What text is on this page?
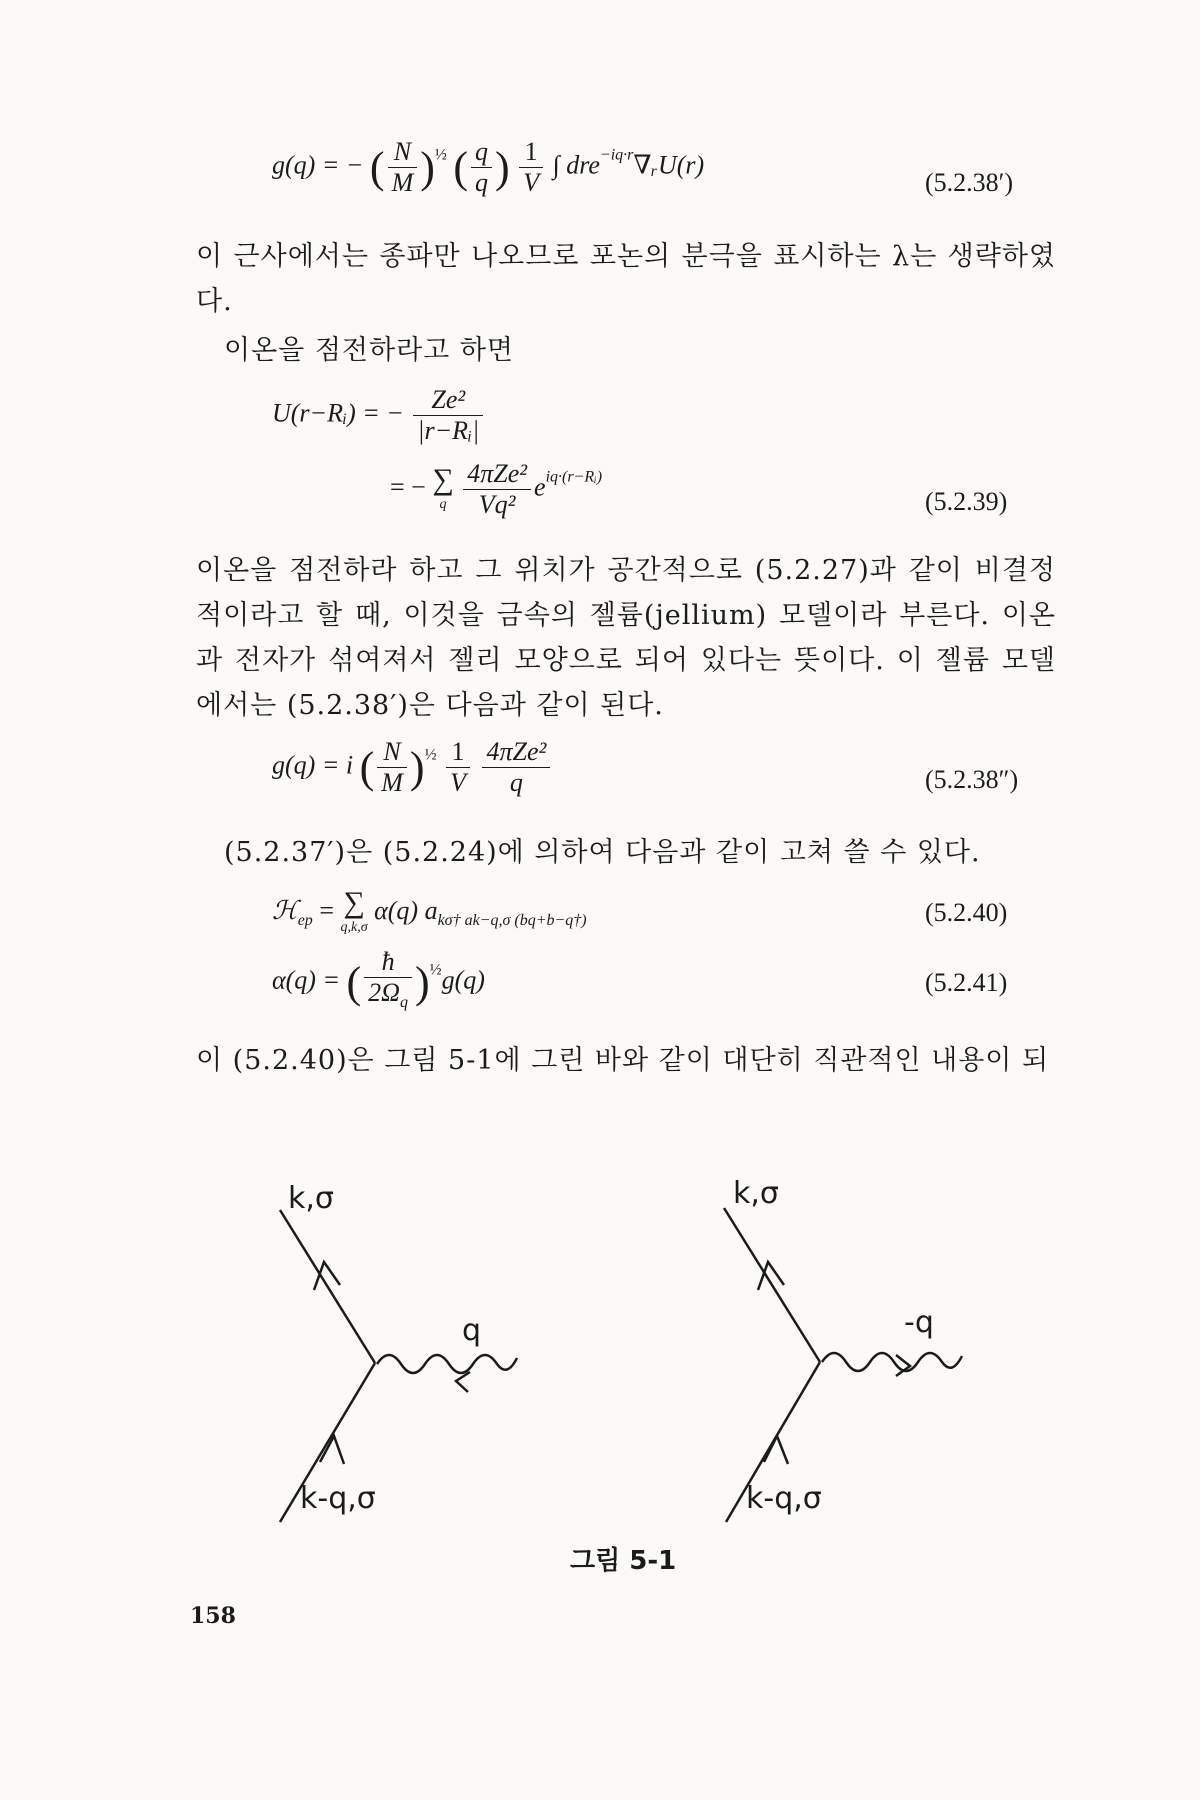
g(q) = − ( $\frac{N}{M} )^{\frac{1}{2}}$ ( $\frac{q}{q}$ ) $\frac{1}{V}$ ∫ dre$^{-iq\cdot r}$∇ᵣU(r)
(5.2.38′)
이 근사에서는 종파만 나오므로 포논의 분극을 표시하는 λ는 생략하였다.
이온을 점전하라고 하면
U(r−Rᵢ) = − $\frac{\text{Ze²}}{\text{|r−Rᵢ|}}$
= − ∑
q
$\frac{\text{4πZe²}}{\text{Vq²}} e^{iq\cdot(r-Rᵢ)}$
(5.2.39)
이온을 점전하라 하고 그 위치가 공간적으로 (5.2.27)과 같이 비결정적이라고 할 때, 이것을 금속의 젤륨(jellium) 모델이라 부른다. 이온과 전자가 섞여져서 젤리 모양으로 되어 있다는 뜻이다. 이 젤륨 모델에서는 (5.2.38′)은 다음과 같이 된다.
g(q) = i ( $\frac{N}{M} )^{\frac{1}{2}} \frac{1}{V}$
$\frac{\text{4πZe²}}{q}$	(5.2.38″)
(5.2.37′)은 (5.2.24)에 의하여 다음과 같이 고쳐 쓸 수 있다.
ℋ$_{ep}$ = ∑
q,k,σ
α(q) $a_{k\sigma\dagger ak-q,\sigma (bq+b-q\dagger)}$	(5.2.40)
α(q) = ( $\frac{ħ}{2\Omega_q} )^{\frac{1}{2}}g(q)$	(5.2.41)
이 (5.2.40)은 그림 5-1에 그린 바와 같이 대단히 직관적인 내용이 되
k,σ
q
k-q,σ
k,σ
-q
k-q,σ
그림 5-1
158
